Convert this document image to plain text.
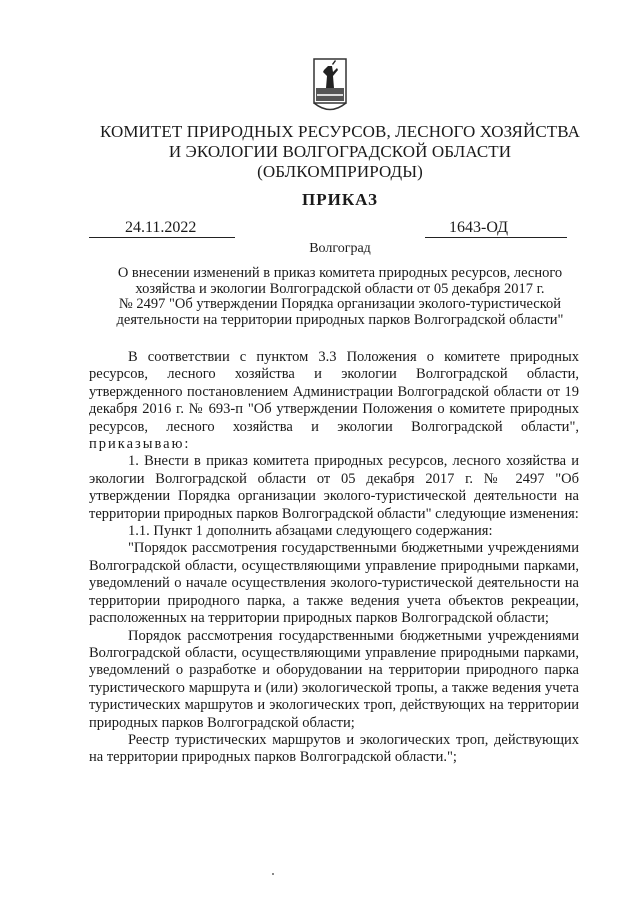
КОМИТЕТ ПРИРОДНЫХ РЕСУРСОВ, ЛЕСНОГО ХОЗЯЙСТВА
И ЭКОЛОГИИ ВОЛГОГРАДСКОЙ ОБЛАСТИ
(ОБЛКОМПРИРОДЫ)
ПРИКАЗ
24.11.2022	1643-ОД
Волгоград
О внесении изменений в приказ комитета природных ресурсов, лесного
хозяйства и экологии Волгоградской области от 05 декабря 2017 г.
№ 2497 "Об утверждении Порядка организации эколого-туристической
деятельности на территории природных парков Волгоградской области"

В соответствии с пунктом 3.3 Положения о комитете природных ресурсов, лесного хозяйства и экологии Волгоградской области, утвержденного постановлением Администрации Волгоградской области от 19 декабря 2016 г. № 693-п "Об утверждении Положения о комитете природных ресурсов, лесного хозяйства и экологии Волгоградской области", приказываю:

1. Внести в приказ комитета природных ресурсов, лесного хозяйства и экологии Волгоградской области от 05 декабря 2017 г. № 2497 "Об утверждении Порядка организации эколого-туристической деятельности на территории природных парков Волгоградской области" следующие изменения:

1.1. Пункт 1 дополнить абзацами следующего содержания:

"Порядок рассмотрения государственными бюджетными учреждениями Волгоградской области, осуществляющими управление природными парками, уведомлений о начале осуществления эколого-туристической деятельности на территории природного парка, а также ведения учета объектов рекреации, расположенных на территории природных парков Волгоградской области;

Порядок рассмотрения государственными бюджетными учреждениями Волгоградской области, осуществляющими управление природными парками, уведомлений о разработке и оборудовании на территории природного парка туристического маршрута и (или) экологической тропы, а также ведения учета туристических маршрутов и экологических троп, действующих на территории природных парков Волгоградской области;

Реестр туристических маршрутов и экологических троп, действующих на территории природных парков Волгоградской области.";
